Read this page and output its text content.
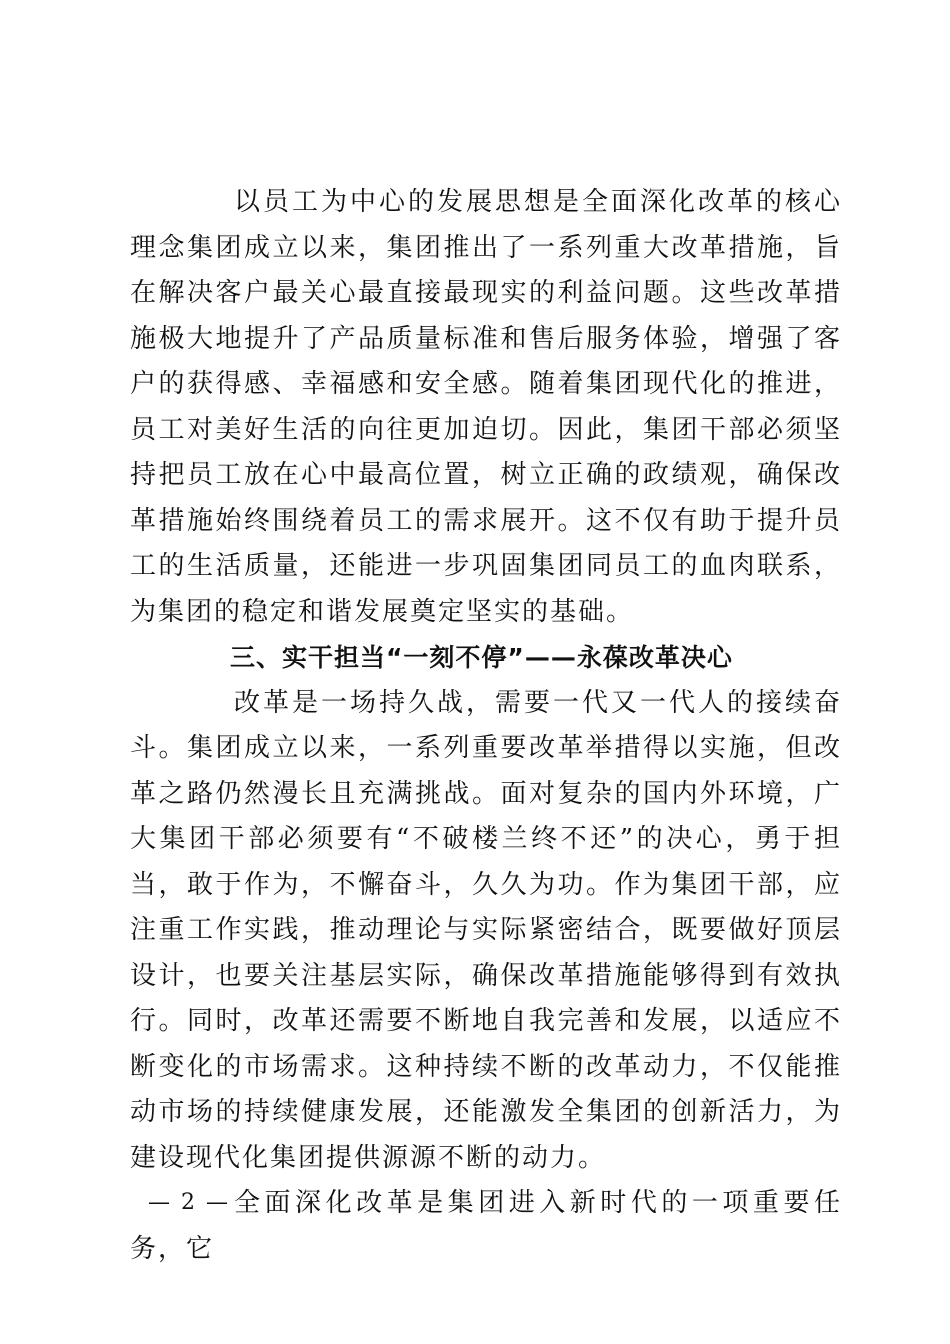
以员工为中心的发展思想是全面深化改革的核心理念集团成立以来，集团推出了一系列重大改革措施，旨在解决客户最关心最直接最现实的利益问题。这些改革措施极大地提升了产品质量标准和售后服务体验，增强了客户的获得感、幸福感和安全感。随着集团现代化的推进，员工对美好生活的向往更加迫切。因此，集团干部必须坚持把员工放在心中最高位置，树立正确的政绩观，确保改革措施始终围绕着员工的需求展开。这不仅有助于提升员工的生活质量，还能进一步巩固集团同员工的血肉联系，为集团的稳定和谐发展奠定坚实的基础。

三、实干担当“一刻不停”——永葆改革决心

改革是一场持久战，需要一代又一代人的接续奋斗。集团成立以来，一系列重要改革举措得以实施，但改革之路仍然漫长且充满挑战。面对复杂的国内外环境，广大集团干部必须要有“不破楼兰终不还”的决心，勇于担当，敢于作为，不懈奋斗，久久为功。作为集团干部，应注重工作实践，推动理论与实际紧密结合，既要做好顶层设计，也要关注基层实际，确保改革措施能够得到有效执行。同时，改革还需要不断地自我完善和发展，以适应不断变化的市场需求。这种持续不断的改革动力，不仅能推动市场的持续健康发展，还能激发全集团的创新活力，为建设现代化集团提供源源不断的动力。

全面深化改革是集团进入新时代的一项重要任务，它

— 2 —
